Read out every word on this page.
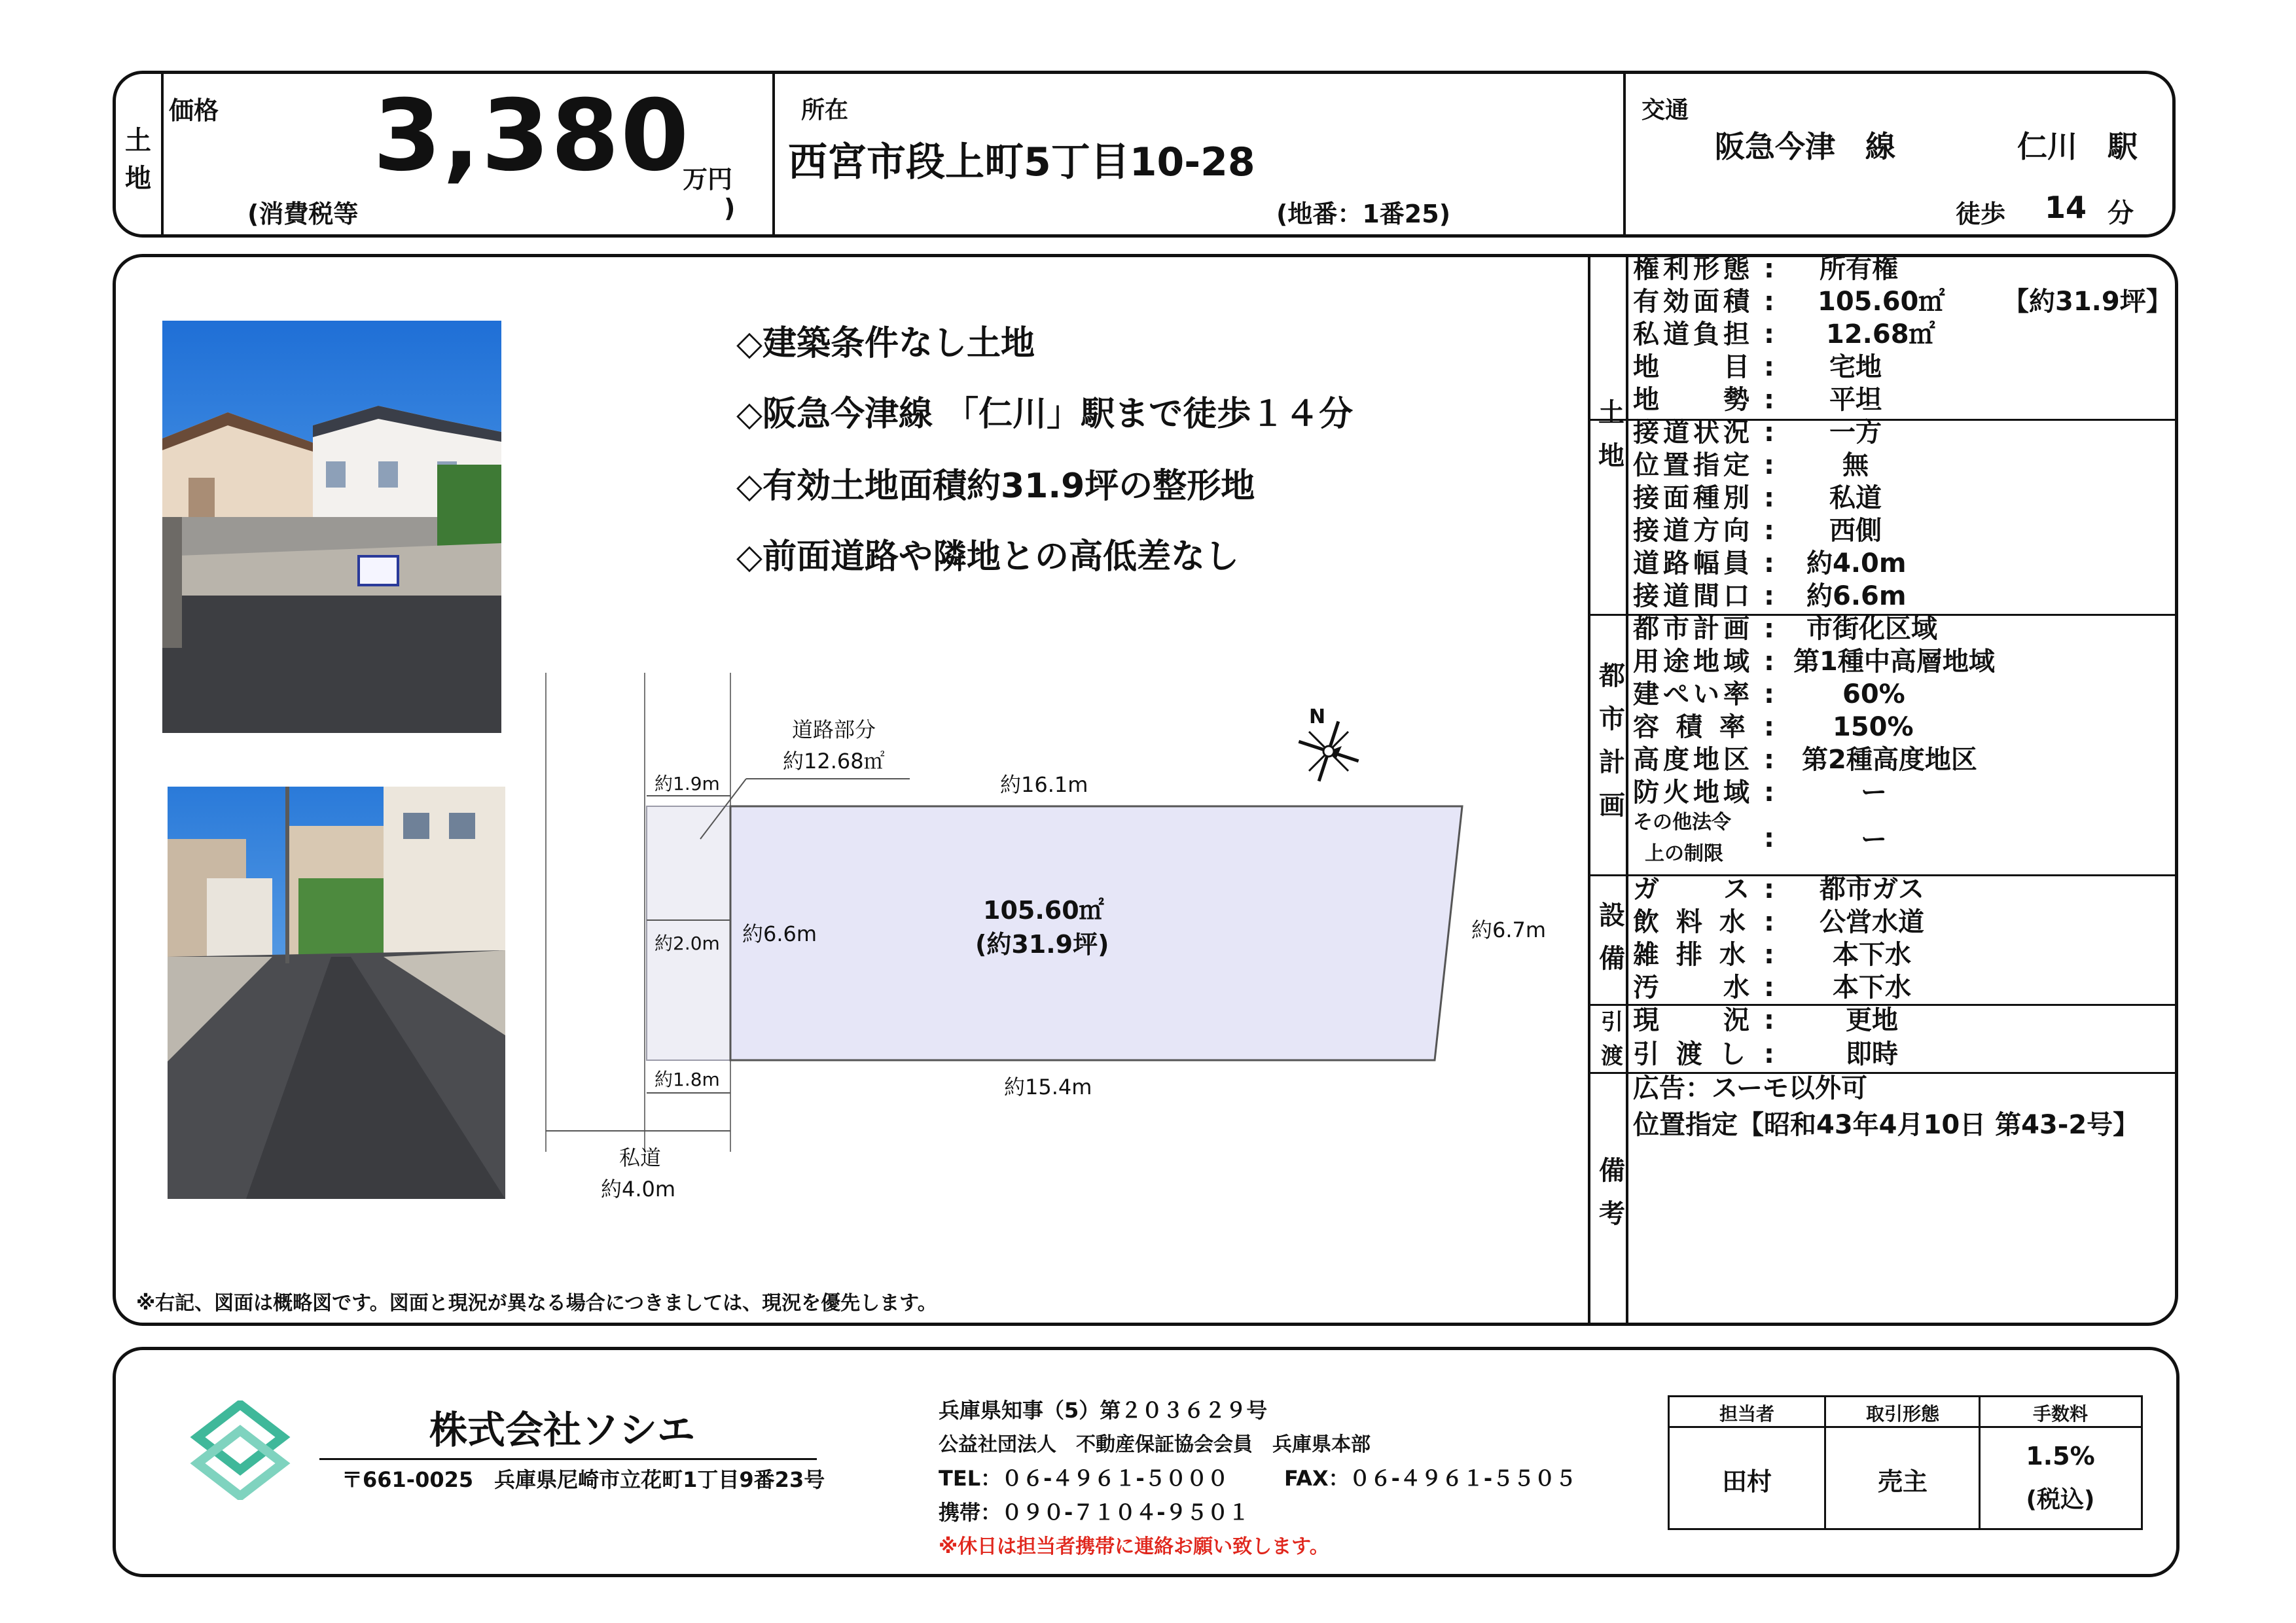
土地
価格 3,380
万円
(消費税等	)
所在
西宮市段上町5丁目10-28
(地番：1番25)
交通
阪急今津　線	仁川　駅
徒歩 14 分
◇建築条件なし土地
◇阪急今津線 「仁川」駅まで徒歩１４分
◇有効土地面積約31.9坪の整形地
◇前面道路や隣地との高低差なし
N
道路部分
約12.68㎡
約1.9m
約2.0m
約1.8m
約6.6m
約16.1m
約15.4m
約6.7m
105.60㎡
(約31.9坪)
私道
約4.0m
※右記、図面は概略図です。図面と現況が異なる場合につきましては、現況を優先します。
土地
都市計画
設備
引渡
備考
権利形態 : 所有権
有効面積 : 105.60㎡ 【約31.9坪】
私道負担 : 12.68㎡
地　　目 : 宅地
地　　勢 : 平坦
接道状況 : 一方
位置指定 :	無
接面種別 : 私道
接道方向 : 西側
道路幅員 : 約4.0m
接道間口 : 約6.6m
都市計画 : 市街化区域
用途地域 : 第1種中高層地域
建ぺい率 :	60%
容 積 率 : 150%
高度地区 : 第2種高度地区
防火地域 :	ー
その他法令
上の制限
:	ー
ガ　　ス : 都市ガス
飲 料 水 : 公営水道
雑 排 水 : 本下水
汚　　水 : 本下水
現　　況 :	更地
引 渡 し :	即時
広告：スーモ以外可
位置指定【昭和43年4月10日 第43-2号】
株式会社ソシエ
〒661-0025　兵庫県尼崎市立花町1丁目9番23号
兵庫県知事（5）第２０３６２９号
公益社団法人　不動産保証協会会員　兵庫県本部
TEL：０６-４９６１-５０００	FAX：０６-４９６１-５５０５
携帯：０９０-７１０４-９５０１
※休日は担当者携帯に連絡お願い致します。
担当者	取引形態	手数料
田村	売主
1.5%
(税込)
